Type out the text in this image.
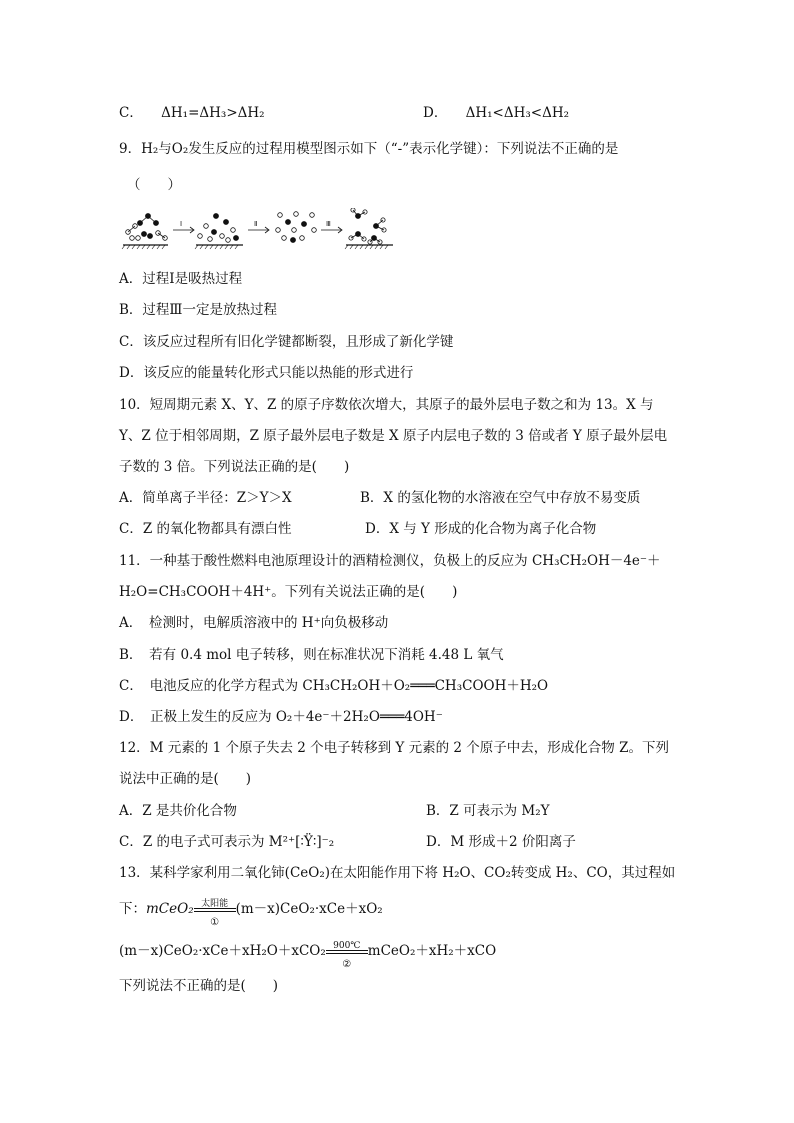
C． ΔH₁=ΔH₃>ΔH₂	D． ΔH₁<ΔH₃<ΔH₂
9．H₂与O₂发生反应的过程用模型图示如下（“-”表示化学键）：下列说法不正确的是
（　　）
Ⅰ	Ⅱ	Ⅲ
A．过程Ⅰ是吸热过程
B．过程Ⅲ一定是放热过程
C．该反应过程所有旧化学键都断裂，且形成了新化学键
D．该反应的能量转化形式只能以热能的形式进行
10．短周期元素 X、Y、Z 的原子序数依次增大，其原子的最外层电子数之和为 13。X 与
Y、Z 位于相邻周期，Z 原子最外层电子数是 X 原子内层电子数的 3 倍或者 Y 原子最外层电
子数的 3 倍。下列说法正确的是(　　)
A．简单离子半径：Z＞Y＞X	B．X 的氢化物的水溶液在空气中存放不易变质
C．Z 的氧化物都具有漂白性	D．X 与 Y 形成的化合物为离子化合物
11．一种基于酸性燃料电池原理设计的酒精检测仪，负极上的反应为 CH₃CH₂OH－4e⁻＋
H₂O=CH₃COOH＋4H⁺。下列有关说法正确的是(　　)
A．　检测时，电解质溶液中的 H⁺向负极移动
B．　若有 0.4 mol 电子转移，则在标准状况下消耗 4.48 L 氧气
C．　电池反应的化学方程式为 CH₃CH₂OH＋O₂═══CH₃COOH＋H₂O
D．　正极上发生的反应为 O₂＋4e⁻＋2H₂O═══4OH⁻
12．M 元素的 1 个原子失去 2 个电子转移到 Y 元素的 2 个原子中去，形成化合物 Z。下列
说法中正确的是(　　)
A．Z 是共价化合物	B．Z 可表示为 M₂Y
C．Z 的电子式可表示为 M²⁺[∶Ÿ∶]⁻₂	D．M 形成＋2 价阳离子
13．某科学家利用二氧化铈(CeO₂)在太阳能作用下将 H₂O、CO₂转变成 H₂、CO，其过程如
下：mCeO₂ $\frac{\text{太阳能}}{\text{①}} (m-x)CeO_2\cdot xCe+xO_2$
$(m-x)CeO_2\cdot xCe+xH_2O+xCO_2 \frac{900℃}{\text{②}}$ mCeO₂＋xH₂＋xCO
下列说法不正确的是(　　)
